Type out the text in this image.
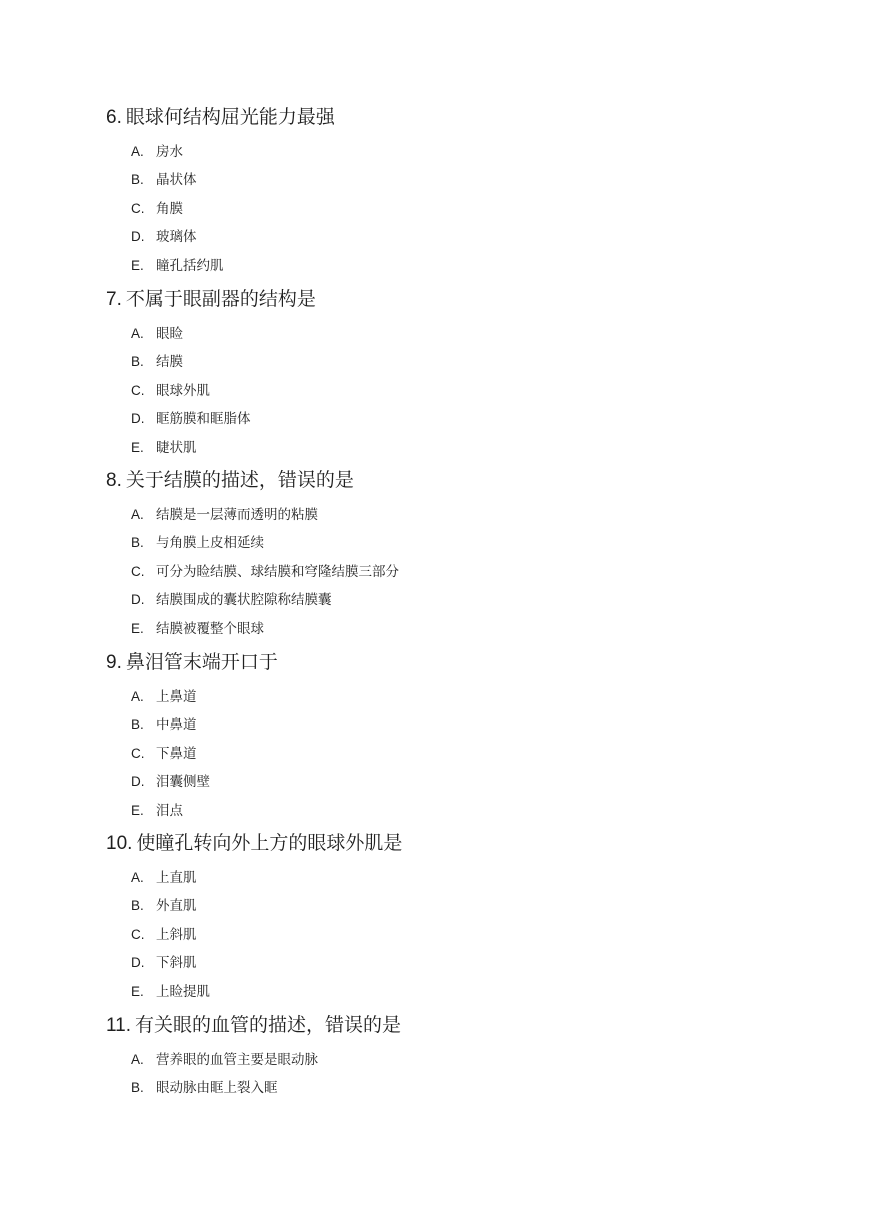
6. 眼球何结构屈光能力最强
A. 房水
B. 晶状体
C. 角膜
D. 玻璃体
E. 瞳孔括约肌
7. 不属于眼副器的结构是
A. 眼睑
B. 结膜
C. 眼球外肌
D. 眶筋膜和眶脂体
E. 睫状肌
8. 关于结膜的描述，错误的是
A. 结膜是一层薄而透明的粘膜
B. 与角膜上皮相延续
C. 可分为睑结膜、球结膜和穹隆结膜三部分
D. 结膜围成的囊状腔隙称结膜囊
E. 结膜被覆整个眼球
9. 鼻泪管末端开口于
A. 上鼻道
B. 中鼻道
C. 下鼻道
D. 泪囊侧壁
E. 泪点
10. 使瞳孔转向外上方的眼球外肌是
A. 上直肌
B. 外直肌
C. 上斜肌
D. 下斜肌
E. 上睑提肌
11. 有关眼的血管的描述，错误的是
A. 营养眼的血管主要是眼动脉
B. 眼动脉由眶上裂入眶
